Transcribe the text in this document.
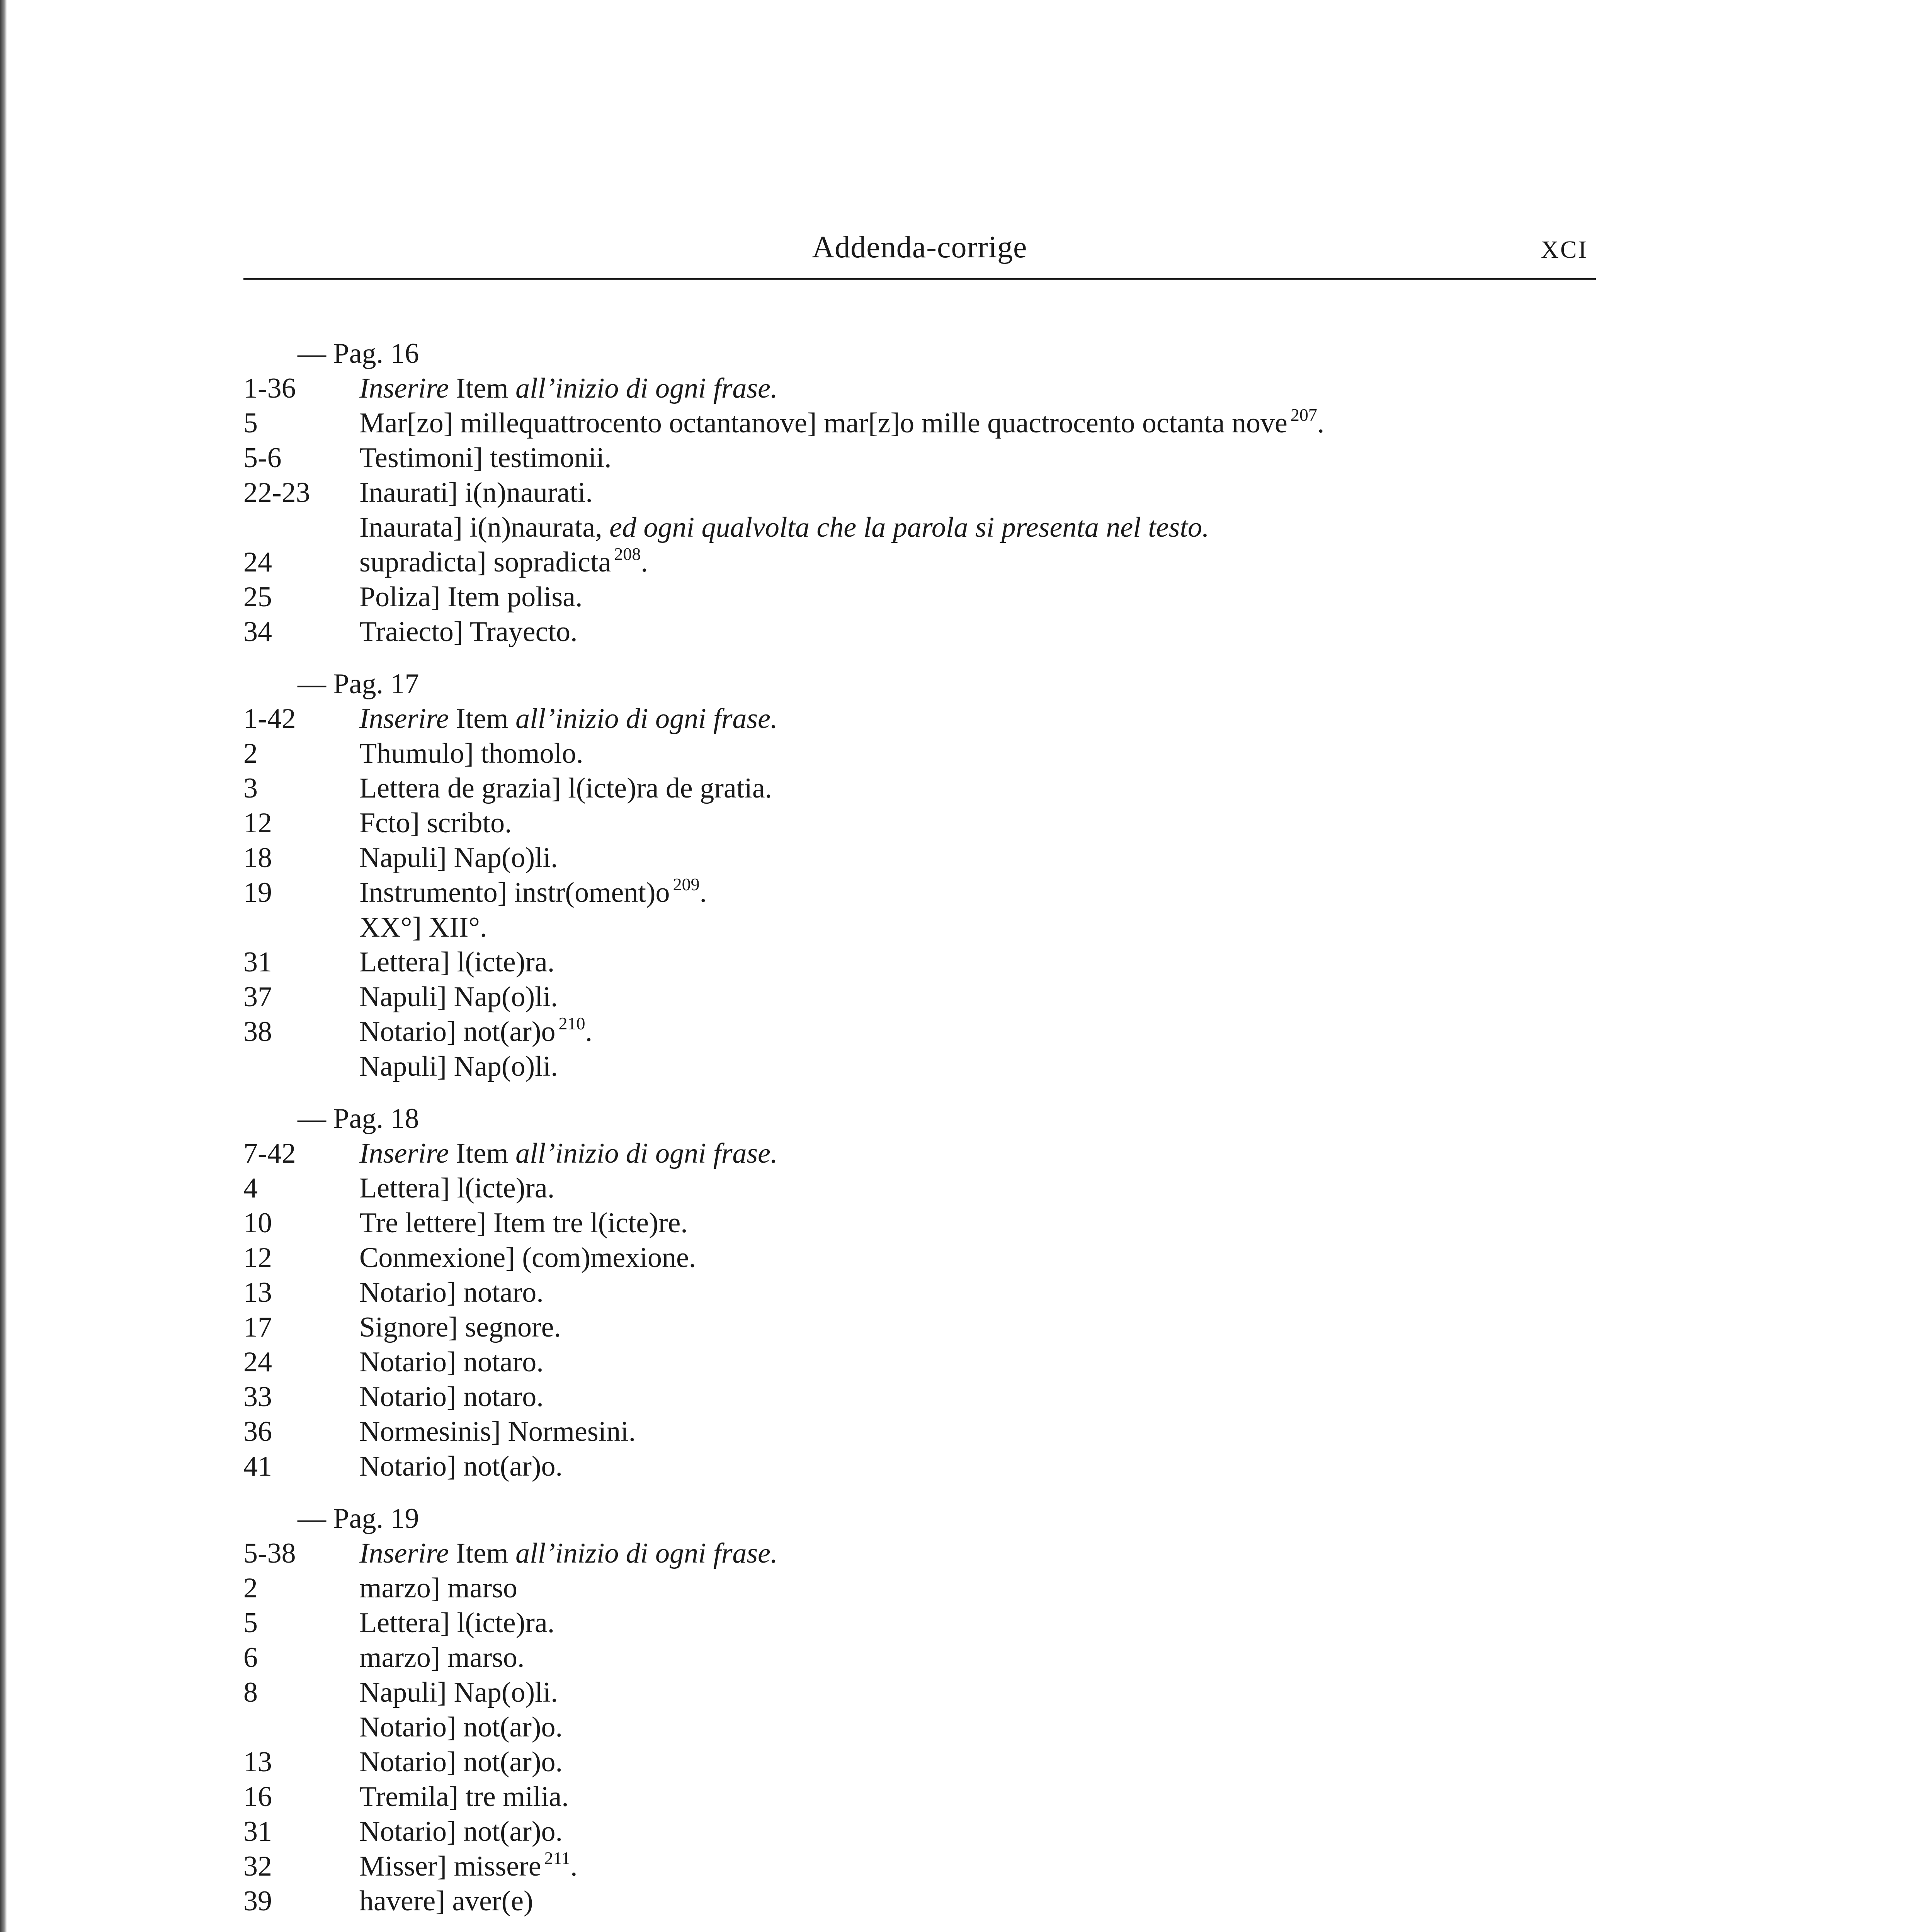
Addenda-corrige	XCI
— Pag. 16
1-36	Inserire Item all’inizio di ogni frase.
5	Mar[zo] millequattrocento octantanove] mar[z]o mille quactrocento octanta nove $^{207}$.
5-6	Testimoni] testimonii.
22-23	Inaurati] i(n)naurati.
Inaurata] i(n)naurata, ed ogni qualvolta che la parola si presenta nel testo.
24	supradicta] sopradicta $^{208}$.
25	Poliza] Item polisa.
34	Traiecto] Trayecto.
— Pag. 17
1-42	Inserire Item all’inizio di ogni frase.
2	Thumulo] thomolo.
3	Lettera de grazia] l(icte)ra de gratia.
12	Fcto] scribto.
18	Napuli] Nap(o)li.
19	Instrumento] instr(oment)o $^{209}$.
XX°] XII°.
31	Lettera] l(icte)ra.
37	Napuli] Nap(o)li.
38	Notario] not(ar)o $^{210}$.
Napuli] Nap(o)li.
— Pag. 18
7-42	Inserire Item all’inizio di ogni frase.
4	Lettera] l(icte)ra.
10	Tre lettere] Item tre l(icte)re.
12	Conmexione] (com)mexione.
13	Notario] notaro.
17	Signore] segnore.
24	Notario] notaro.
33	Notario] notaro.
36	Normesinis] Normesini.
41	Notario] not(ar)o.
— Pag. 19
5-38	Inserire Item all’inizio di ogni frase.
2	marzo] marso
5	Lettera] l(icte)ra.
6	marzo] marso.
8	Napuli] Nap(o)li.
Notario] not(ar)o.
13	Notario] not(ar)o.
16	Tremila] tre milia.
31	Notario] not(ar)o.
32	Misser] missere $^{211}$.
39	havere] aver(e)
